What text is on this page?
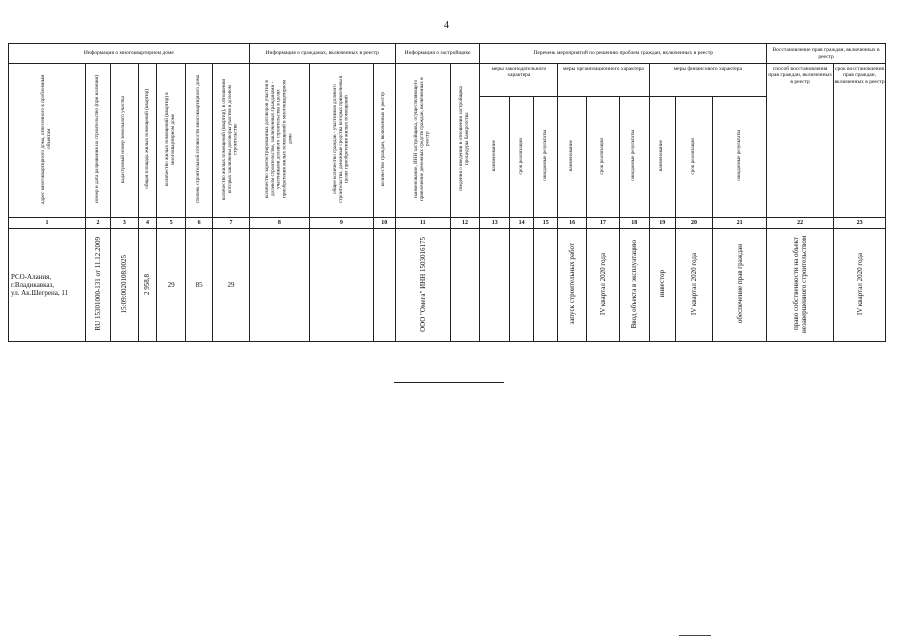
4
Информация о многоквартирном доме							Информация о гражданах, включенных в реестр			Информация о застройщике		Перечень мероприятий по решению проблем граждан, включенных в реестр									Восстановление прав граждан, включенных в реестр	
адрес многоквартирного дома, отнесенного к проблемным объектам	номер и дата разрешения на строительство (при наличии)	кадастровый номер земельного участка	общая площадь жилых помещений (квартир)	количество жилых помещений (квартир) в многоквартирном доме	степень строительной готовности многоквартирного дома	количество жилых помещений (квартир), в отношении которых заключены договоры участия в долевом строительстве	количество зарегистрированных договоров участия в долевом строительстве, заключенных гражданами - участниками долевого строительства в целях приобретения жилых помещений в многоквартирном доме	общее количество граждан - участников долевого строительства, денежные средства которых привлечены в целях приобретения жилых помещений	количество граждан, включенных в реестр	наименование, ИНН застройщика, осуществляющего привлечение денежных средств граждан, включенных в реестр	сведения о введении в отношении застройщика процедуры банкротства	меры законодательного характера			меры организационного характера			меры финансового характера			способ восстановления прав граждан, включенных в реестр	срок восстановления прав граждан, включенных в реестр
												наименование	срок реализации	ожидаемые результаты	наименование	срок реализации	ожидаемые результаты	наименование	срок реализации	ожидаемые результаты		
1	2	3	4	5	6	7	8	9	10	11	12	13	14	15	16	17	18	19	20	21	22	23

РСО-Алания,
г.Владикавказ,
ул. Ак.Шегрена, 11	RU 15301000-131 от 11.12.2009	15:09:0020108:0025	2 958,8	29	85	29				ООО "Омега" ИНН 1503016175					запуск строительных работ	IV квартал 2020 года	Ввод объекта в эксплуатацию	инвестор	IV квартал 2020 года	обеспечение прав граждан	право собственности на объект незавершенного строительством	IV квартал 2020 года
